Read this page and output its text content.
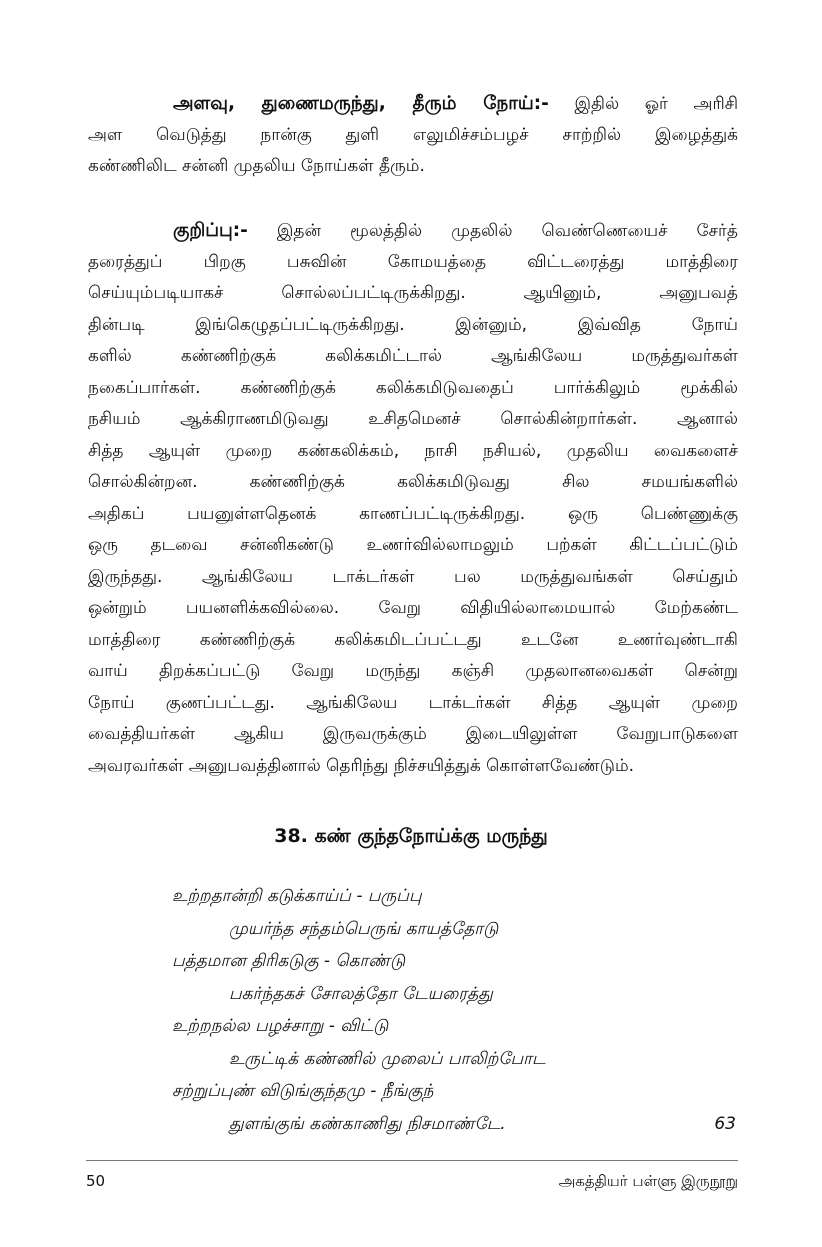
அளவு, துணைமருந்து, தீரும் நோய்:- இதில் ஓர் அரிசி
அள வெடுத்து நான்கு துளி எலுமிச்சம்பழச் சாற்றில் இழைத்துக்
கண்ணிலிட சன்னி முதலிய நோய்கள் தீரும்.
குறிப்பு:- இதன் மூலத்தில் முதலில் வெண்ணெயைச் சேர்த்
தரைத்துப் பிறகு பசுவின் கோமயத்தை விட்டரைத்து மாத்திரை
செய்யும்படியாகச் சொல்லப்பட்டிருக்கிறது. ஆயினும், அனுபவத்
தின்படி இங்கெழுதப்பட்டிருக்கிறது. இன்னும், இவ்வித நோய்
களில் கண்ணிற்குக் கலிக்கமிட்டால் ஆங்கிலேய மருத்துவர்கள்
நகைப்பார்கள். கண்ணிற்குக் கலிக்கமிடுவதைப் பார்க்கிலும் மூக்கில்
நசியம் ஆக்கிராணமிடுவது உசிதமெனச் சொல்கின்றார்கள். ஆனால்
சித்த ஆயுள் முறை கண்கலிக்கம், நாசி நசியல், முதலிய வைகளைச்
சொல்கின்றன. கண்ணிற்குக் கலிக்கமிடுவது சில சமயங்களில்
அதிகப் பயனுள்ளதெனக் காணப்பட்டிருக்கிறது. ஒரு பெண்ணுக்கு
ஒரு தடவை சன்னிகண்டு உணர்வில்லாமலும் பற்கள் கிட்டப்பட்டும்
இருந்தது. ஆங்கிலேய டாக்டர்கள் பல மருத்துவங்கள் செய்தும்
ஒன்றும் பயனளிக்கவில்லை. வேறு விதியில்லாமையால் மேற்கண்ட
மாத்திரை கண்ணிற்குக் கலிக்கமிடப்பட்டது உடனே உணர்வுண்டாகி
வாய் திறக்கப்பட்டு வேறு மருந்து கஞ்சி முதலானவைகள் சென்று
நோய் குணப்பட்டது. ஆங்கிலேய டாக்டர்கள் சித்த ஆயுள் முறை
வைத்தியர்கள் ஆகிய இருவருக்கும் இடையிலுள்ள வேறுபாடுகளை
அவரவர்கள் அனுபவத்தினால் தெரிந்து நிச்சயித்துக் கொள்ளவேண்டும்.
38. கண் குந்தநோய்க்கு மருந்து
உற்றதான்றி கடுக்காய்ப் - பருப்பு
முயர்ந்த சந்தம்பெருங் காயத்தோடு
பத்தமான திரிகடுகு - கொண்டு
பகர்ந்தகச் சோலத்தோ டேயரைத்து
உற்றநல்ல பழச்சாறு - விட்டு
உருட்டிக் கண்ணில் முலைப் பாலிற்போட
சற்றுப்புண் விடுங்குந்தமு - நீங்குந்
துளங்குங் கண்காணிது நிசமாண்டே.	63
50	அகத்தியர் பள்ளு இருநூறு
